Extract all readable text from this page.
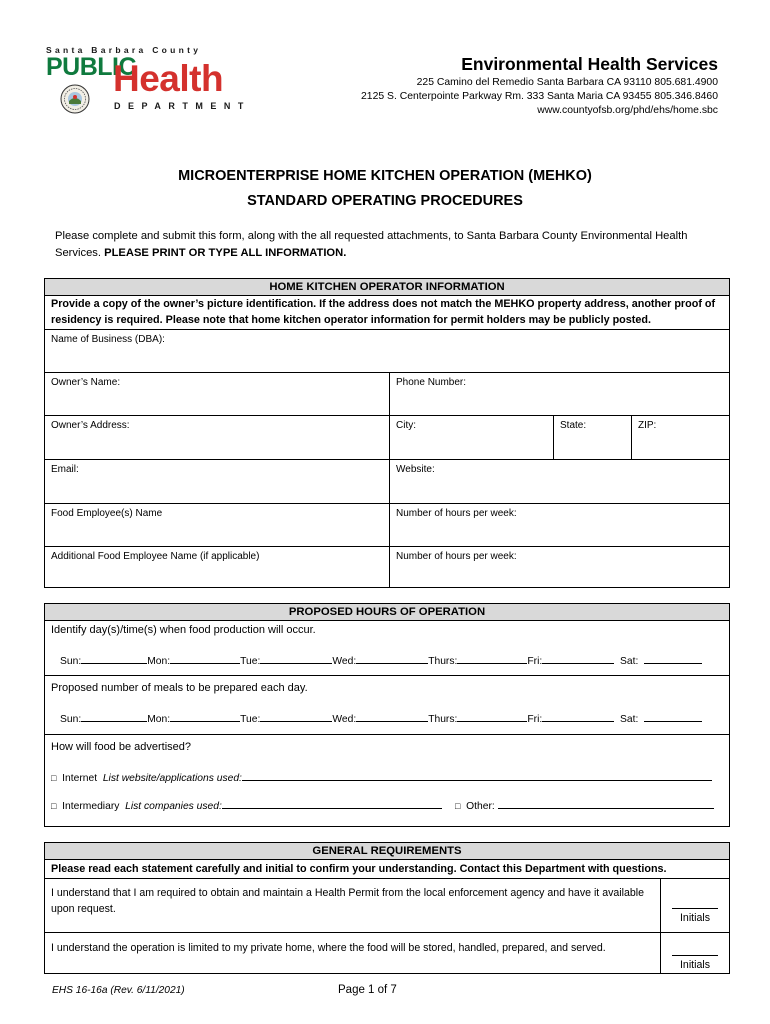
Santa Barbara County
PUBLIC
Health
DEPARTMENT
Environmental Health Services
225 Camino del Remedio Santa Barbara CA 93110 805.681.4900
2125 S. Centerpointe Parkway Rm. 333 Santa Maria CA 93455 805.346.8460
www.countyofsb.org/phd/ehs/home.sbc
MICROENTERPRISE HOME KITCHEN OPERATION (MEHKO)
STANDARD OPERATING PROCEDURES
Please complete and submit this form, along with the all requested attachments, to Santa Barbara County Environmental Health Services. PLEASE PRINT OR TYPE ALL INFORMATION.
HOME KITCHEN OPERATOR INFORMATION
Provide a copy of the owner’s picture identification. If the address does not match the MEHKO property address, another proof of residency is required. Please note that home kitchen operator information for permit holders may be publicly posted.
Name of Business (DBA):
Owner’s Name:	Phone Number:
Owner’s Address:	City:	State:	ZIP:
Email:	Website:
Food Employee(s) Name	Number of hours per week:
Additional Food Employee Name (if applicable)	Number of hours per week:
PROPOSED HOURS OF OPERATION
Identify day(s)/time(s) when food production will occur.
Sun:	Mon:	Tue:	Wed:	Thurs:	Fri:	Sat:
Proposed number of meals to be prepared each day.
Sun:	Mon:	Tue:	Wed:	Thurs:	Fri:	Sat:
How will food be advertised?
□ Internet List website/applications used:
□ Intermediary List companies used:	□ Other:
GENERAL REQUIREMENTS
Please read each statement carefully and initial to confirm your understanding. Contact this Department with questions.
I understand that I am required to obtain and maintain a Health Permit from the local enforcement agency and have it available upon request.
Initials
I understand the operation is limited to my private home, where the food will be stored, handled, prepared, and served.
Initials
EHS 16-16a (Rev. 6/11/2021)	Page 1 of 7
